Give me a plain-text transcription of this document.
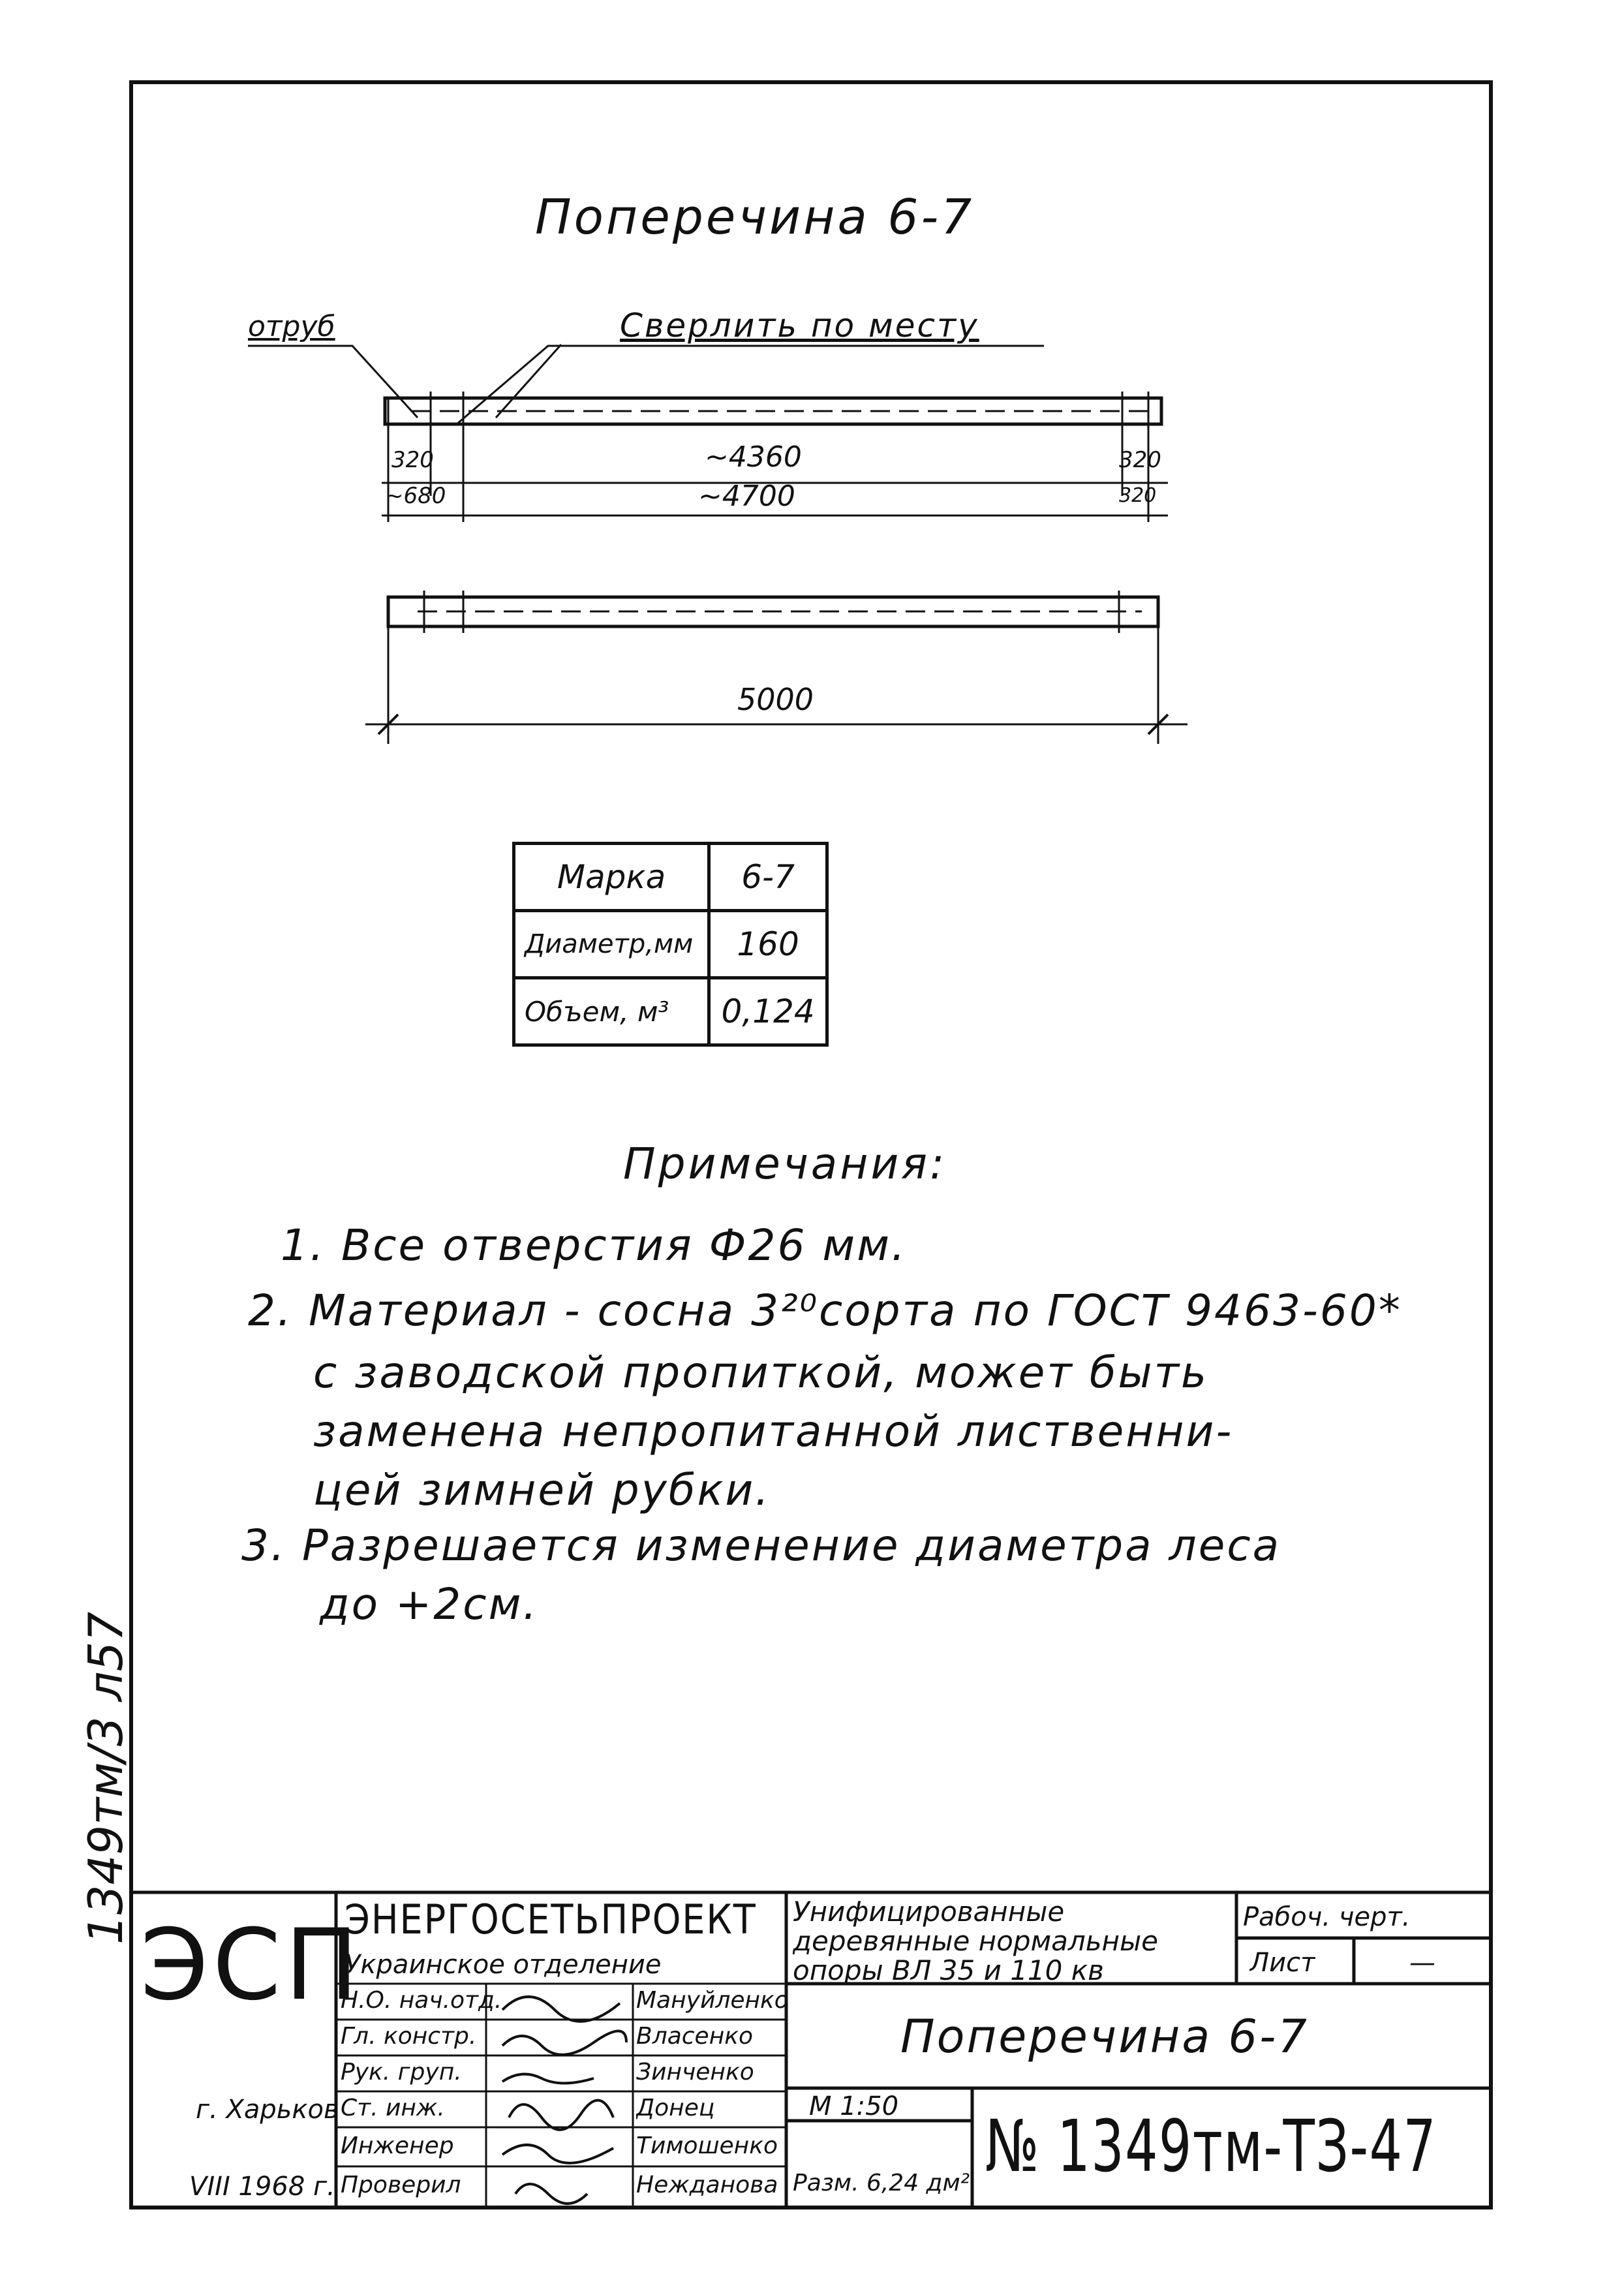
Поперечина 6-7
отруб	Сверлить по месту
320	~4360	320
~680	~4700	320
5000
Марка	6-7
Диаметр,мм	160
Объем, м³	0,124
Примечания:
1. Все отверстия Ф26 мм.
2. Материал - сосна 3²⁰сорта по ГОСТ 9463-60*
с заводской пропиткой, может быть
заменена непропитанной лиственни-
цей зимней рубки.
3. Разрешается изменение диаметра леса
до +2см.
1349тм/3 л57
ЭСП
ЭНЕРГОСЕТЬПРОЕКТ
Украинское отделение
Унифицированные
деревянные нормальные
опоры ВЛ 35 и 110 кв
Рабоч. черт.
Лист	—
Поперечина 6-7
Н.О. нач.отд.	Мануйленко
Гл. констр.	Власенко
Рук. груп.	Зинченко
Ст. инж.	Донец
Инженер	Тимошенко
Проверил	Нежданова
г. Харьков
VIII 1968 г.
М 1:50
Разм. 6,24 дм² № 1349тм-ТЗ-47
